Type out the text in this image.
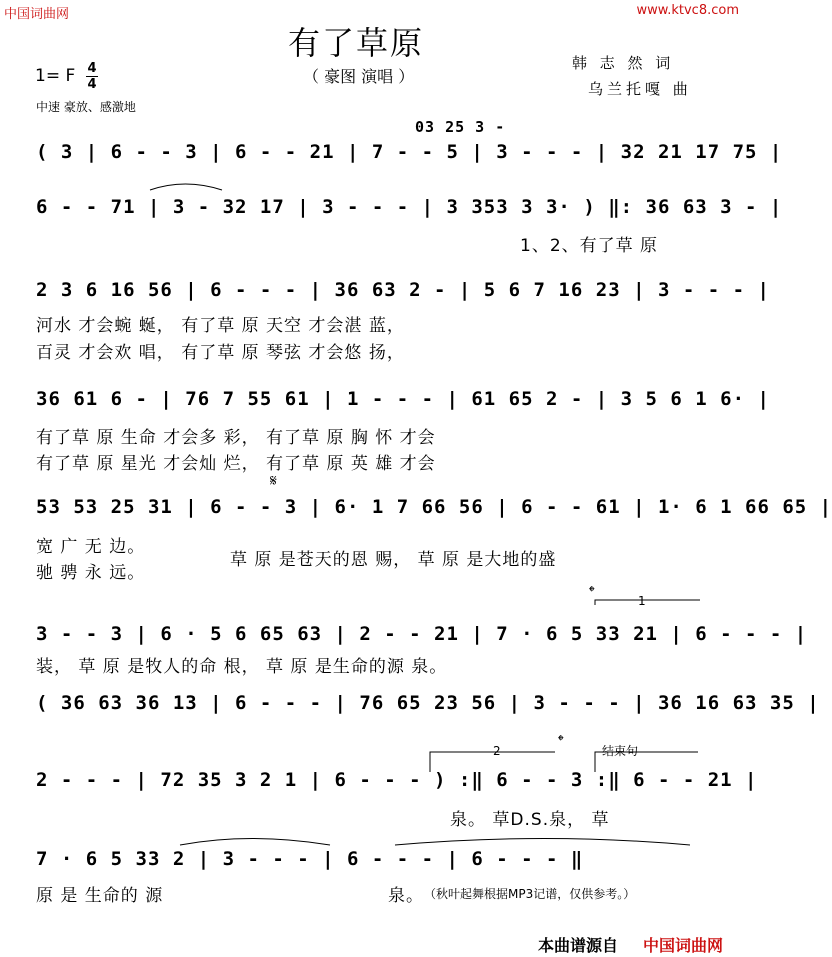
中国词曲网	www.ktvc8.com
有了草原
（ 豪图 演唱 ）
韩 志 然 词
乌兰托嘎 曲
1= F 4
4
中速 豪放、感激地
03 25 3 -
( 3 | 6 - - 3 | 6 - - 21 | 7 - - 5 | 3 - - - | 32 21 17 75 |
6 - - 71 | 3 - 32 17 | 3 - - - | 3 353 3 3· ) ‖: 36 63 3 - |
1、2、有了草 原
2 3 6 16 56 | 6 - - - | 36 63 2 - | 5 6 7 16 23 | 3 - - - |
河水 才会蜿 蜒， 有了草 原 天空 才会湛 蓝，
百灵 才会欢 唱， 有了草 原 琴弦 才会悠 扬，
36 61 6 - | 76 7 55 61 | 1 - - - | 61 65 2 - | 3 5 6 1 6· |
有了草 原 生命 才会多 彩， 有了草 原 胸 怀 才会
有了草 原 星光 才会灿 烂， 有了草 原 英 雄 才会
𝄋
53 53 25 31 | 6 - - 3 | 6· 1 7 66 56 | 6 - - 61 | 1· 6 1 66 65 |
宽 广 无 边。
驰 骋 永 远。
草 原 是苍天的恩 赐， 草 原 是大地的盛
𝄌	1
3 - - 3 | 6 · 5 6 65 63 | 2 - - 21 | 7 · 6 5 33 21 | 6 - - - |
装， 草 原 是牧人的命 根， 草 原 是生命的源 泉。
( 36 63 36 13 | 6 - - - | 76 65 23 56 | 3 - - - | 36 16 63 35 |
2
𝄌
结束句
2 - - - | 72 35 3 2 1 | 6 - - - ) :‖ 6 - - 3 :‖ 6 - - 21 |
泉。 草D.S.泉， 草
7 · 6 5 33 2 | 3 - - - | 6 - - - | 6 - - - ‖
原 是 生命的 源	泉。 （秋叶起舞根据MP3记谱，仅供参考。）
本曲谱源自 中国词曲网
